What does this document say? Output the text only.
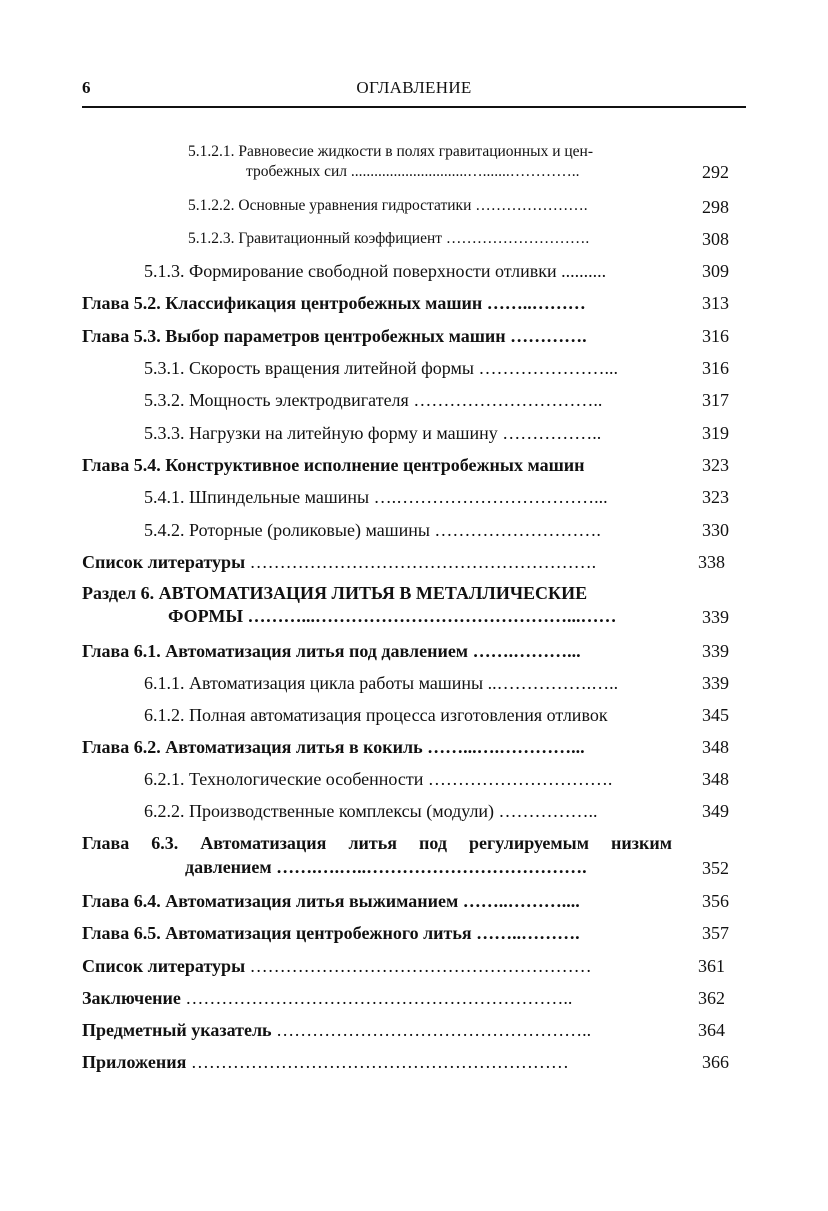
6	ОГЛАВЛЕНИЕ
5.1.2.1. Равновесие жидкости в полях гравитационных и цен-
тробежных сил ..............................….......…………..	292
5.1.2.2. Основные уравнения гидростатики ………………….	298
5.1.2.3. Гравитационный коэффициент ……………………….	308
5.1.3. Формирование свободной поверхности отливки ..........	309
Глава 5.2. Классификация центробежных машин ……..………	313
Глава 5.3. Выбор параметров центробежных машин ………….	316
5.3.1. Скорость вращения литейной формы …………………...	316
5.3.2. Мощность электродвигателя …………………………..	317
5.3.3. Нагрузки на литейную форму и машину ……………..	319
Глава 5.4. Конструктивное исполнение центробежных машин	323
5.4.1. Шпиндельные машины ….……………………………...	323
5.4.2. Роторные (роликовые) машины ……………………….	330
Список литературы ………………………………………………….	338
Раздел 6. АВТОМАТИЗАЦИЯ ЛИТЬЯ В МЕТАЛЛИЧЕСКИЕ
ФОРМЫ ………...……………………………………...……	339
Глава 6.1. Автоматизация литья под давлением …….………...	339
6.1.1. Автоматизация цикла работы машины ..…………….…..	339
6.1.2. Полная автоматизация процесса изготовления отливок	345
Глава 6.2. Автоматизация литья в кокиль ……...….…………...	348
6.2.1. Технологические особенности ………………………….	348
6.2.2. Производственные комплексы (модули) ……………..	349
Глава 6.3. Автоматизация литья под регулируемым низким
давлением …….….…..……………………………….	352
Глава 6.4. Автоматизация литья выжиманием ……..………....	356
Глава 6.5. Автоматизация центробежного литья ……..……….	357
Список литературы …………………………………………………	361
Заключение ………………………………………………………..	362
Предметный указатель ……………………………………………..	364
Приложения ………………………………………………………	366
